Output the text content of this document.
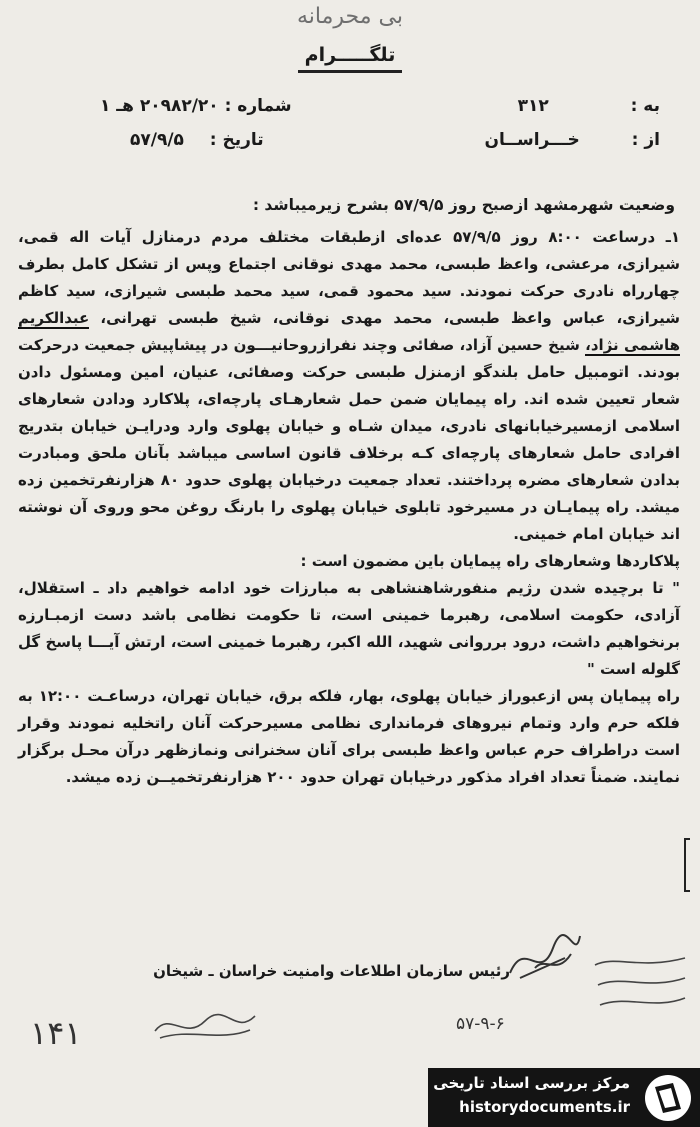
بی‌ محرمانه
تلگـــــرام
به :  ۳۱۲
از :  خـــراســان
شماره : ۲۰۹۸۲/۲۰ هـ ۱
تاریخ :  ۵۷/۹/۵
وضعیت شهرمشهد ازصبح روز ۵۷/۹/۵ بشرح زیرمیباشد :

۱ـ درساعت ۸:۰۰ روز ۵۷/۹/۵ عده‌ای ازطبقات مختلف مردم درمنازل آیات اله قمی، شیرازی، مرعشی، واعظ طبسی، محمد مهدی نوقانی اجتماع وپس از تشکل کامل بطرف چهارراه نادری حرکت نمودند. سید محمود قمی، سید محمد طبسی شیرازی، سید کاظم شیرازی، عباس واعظ طبسی، محمد مهدی نوقانی، شیخ طبسی تهرانی، عبدالکریم هاشمی نژاد، شیخ حسین آزاد، صفائی وچند نفرازروحانیـــون در پیشاپیش جمعیت درحرکت بودند. اتومبیل حامل بلندگو ازمنزل طبسی حرکت وصفائی، عنیان، امین ومسئول دادن شعار تعیین شده اند. راه پیمایان ضمن حمل شعارهـای پارچه‌ای، پلاکارد ودادن شعارهای اسلامی ازمسیرخیابانهای نادری، میدان شـاه و خیابان پهلوی وارد ودرایـن خیابان بتدریج افرادی حامل شعارهای پارچه‌ای کـه برخلاف قانون اساسی میباشد بآنان ملحق ومبادرت بدادن شعارهای مضره پرداختند. تعداد جمعیت درخیابان پهلوی حدود ۸۰ هزارنفرتخمین زده میشد. راه پیمایـان در مسیرخود تابلوی خیابان پهلوی را بارنگ روغن محو وروی آن نوشته اند خیابان امام خمینی.

پلاکاردها وشعارهای راه پیمایان باین مضمون است :

" تا برچیده شدن رژیم منفورشاهنشاهی به مبارزات خود ادامه خواهیم داد ـ استقلال، آزادی، حکومت اسلامی، رهبرما خمینی است، تا حکومت نظامی باشد دست ازمبـارزه برنخواهیم داشت، درود برروانی شهید، الله اکبر، رهبرما خمینی است، ارتش آیـــا پاسخ گل گلوله است "

راه پیمایان پس ازعبوراز خیابان پهلوی، بهار، فلکه برق، خیابان تهران، درساعـت ۱۲:۰۰ به فلکه حرم وارد وتمام نیروهای فرمانداری نظامی مسیرحرکت آنان راتخلیه نمودند وقرار است دراطراف حرم عباس واعظ طبسی برای آنان سخنرانی ونمازظهر درآن محـل برگزار نمایند. ضمناً تعداد افراد مذکور درخیابان تهران حدود ۲۰۰ هزارنفرتخمیــن زده میشد.

رئیس سازمان اطلاعات وامنیت خراسان ـ شیخان
۱۴۱	۵۷-۹-۶
مرکز بررسی اسناد تاریخی
historydocuments.ir
